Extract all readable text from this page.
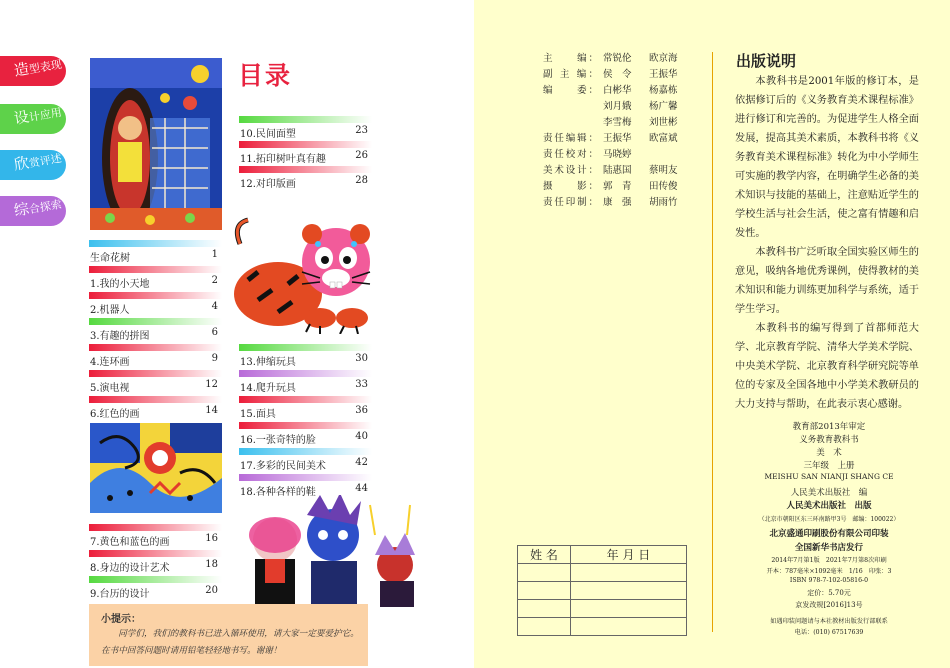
造型表现
设计应用
欣赏评述
综合探索
目录
10.民间面塑	23
11.拓印树叶真有趣	26
12.对印版画	28
生命花树	1
1.我的小天地	2
2.机器人	4
3.有趣的拼图	6
4.连环画	9
5.演电视	12
6.红色的画	14
13.伸缩玩具	30
14.爬升玩具	33
15.面具	36
16.一张奇特的脸	40
17.多彩的民间美术	42
18.各种各样的鞋	44
7.黄色和蓝色的画	16
8.身边的设计艺术	18
9.台历的设计	20
小提示：
同学们，我们的教科书已进入循环使用，请大家一定要爱护它。在书中回答问题时请用铅笔轻轻地书写。谢谢！
主　　编： 常锐伦 欧京海
副 主 编： 侯　令 王振华
编　　委： 白彬华 杨嘉栋
刘月娥 杨广馨
李雪梅 刘世彬
责任编辑： 王振华 欧富斌
责任校对： 马晓婷
美术设计： 陆惠国 蔡明友
摄　　影： 郭　青 田传俊
责任印制： 康　强 胡雨竹
出版说明

本教科书是2001年版的修订本，是依据修订后的《义务教育美术课程标准》进行修订和完善的。为促进学生人格全面发展，提高其美术素质，本教科书将《义务教育美术课程标准》转化为中小学师生可实施的教学内容，在明确学生必备的美术知识与技能的基础上，注意贴近学生的学校生活与社会生活，使之富有情趣和启发性。

本教科书广泛听取全国实验区师生的意见，吸纳各地优秀课例，使得教材的美术知识和能力训练更加科学与系统，适于学生学习。

本教科书的编写得到了首都师范大学、北京教育学院、清华大学美术学院、中央美术学院、北京教育科学研究院等单位的专家及全国各地中小学美术教研员的大力支持与帮助，在此表示衷心感谢。

教育部2013年审定
义务教育教科书
美　术
三年级　上册
MEISHU SAN NIANJI SHANG CE
人民美术出版社　编
人民美术出版社　出版
（北京市朝阳区东三环南路甲3号　邮编：100022）
北京盛通印刷股份有限公司印装
全国新华书店发行
2014年7月第1版　2021年7月第8次印刷
开本：787毫米×1092毫米　1/16　印张：3
ISBN 978-7-102-05816-0
定价：5.70元
京发改规[2016]13号
如遇印装问题请与本社教材出版发行部联系
电话：(010) 67517639
姓 名	年 月 日
